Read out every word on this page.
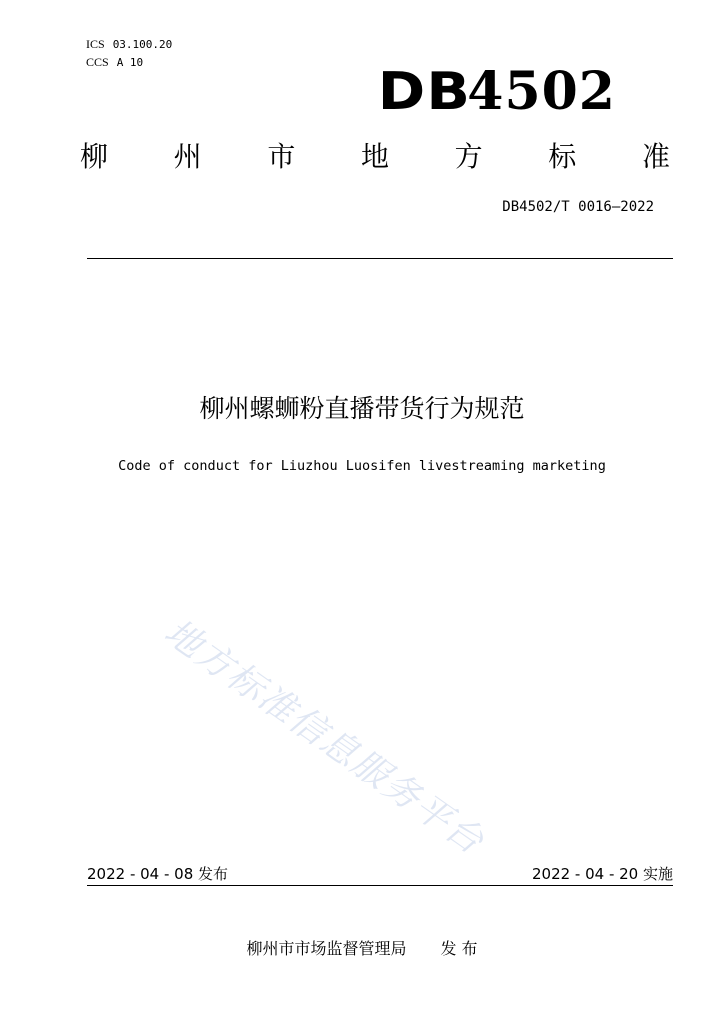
ICS 03.100.20
CCS A 10	DB4502
柳 州 市 地 方 标 准
DB4502/T 0016—2022
柳州螺蛳粉直播带货行为规范
Code of conduct for Liuzhou Luosifen livestreaming marketing
地方标准信息服务平台
2022 - 04 - 08 发布	2022 - 04 - 20 实施
柳州市市场监督管理局 发 布
